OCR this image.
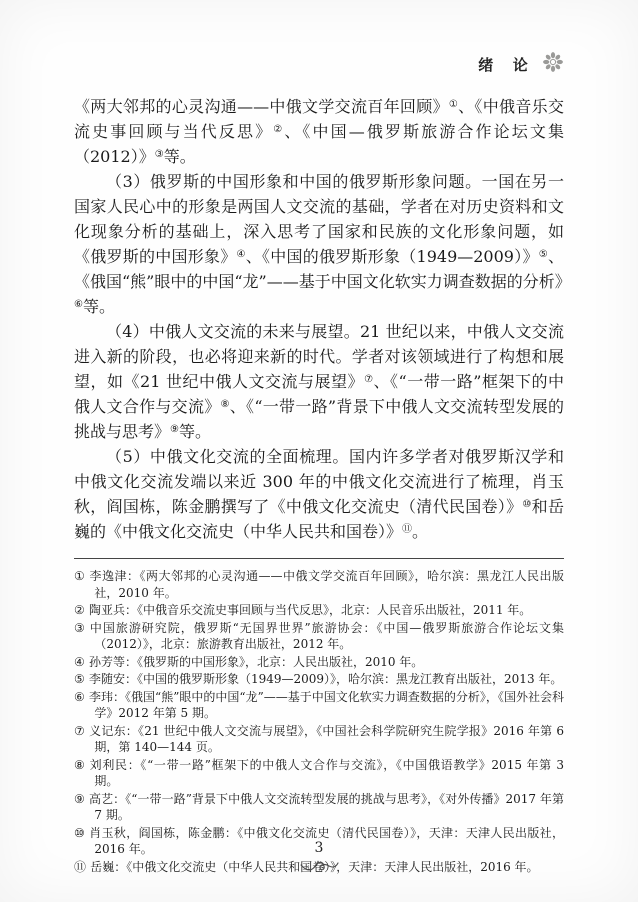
绪　论

《两大邻邦的心灵沟通——中俄文学交流百年回顾》①、《中俄音乐交流史事回顾与当代反思》②、《中国—俄罗斯旅游合作论坛文集（2012）》③等。

（3）俄罗斯的中国形象和中国的俄罗斯形象问题。一国在另一国家人民心中的形象是两国人文交流的基础，学者在对历史资料和文化现象分析的基础上，深入思考了国家和民族的文化形象问题，如《俄罗斯的中国形象》④、《中国的俄罗斯形象（1949—2009）》⑤、《俄国“熊”眼中的中国“龙”——基于中国文化软实力调查数据的分析》⑥等。

（4）中俄人文交流的未来与展望。21 世纪以来，中俄人文交流进入新的阶段，也必将迎来新的时代。学者对该领域进行了构想和展望，如《21 世纪中俄人文交流与展望》⑦、《“一带一路”框架下的中俄人文合作与交流》⑧、《“一带一路”背景下中俄人文交流转型发展的挑战与思考》⑨等。

（5）中俄文化交流的全面梳理。国内许多学者对俄罗斯汉学和中俄文化交流发端以来近 300 年的中俄文化交流进行了梳理，肖玉秋，阎国栋，陈金鹏撰写了《中俄文化交流史（清代民国卷）》⑩和岳巍的《中俄文化交流史（中华人民共和国卷）》⑪。

① 李逸津：《两大邻邦的心灵沟通——中俄文学交流百年回顾》，哈尔滨：黑龙江人民出版社，2010 年。
② 陶亚兵：《中俄音乐交流史事回顾与当代反思》，北京：人民音乐出版社，2011 年。
③ 中国旅游研究院，俄罗斯“无国界世界”旅游协会：《中国—俄罗斯旅游合作论坛文集（2012）》，北京：旅游教育出版社，2012 年。
④ 孙芳等：《俄罗斯的中国形象》，北京：人民出版社，2010 年。
⑤ 李随安：《中国的俄罗斯形象（1949—2009）》，哈尔滨：黑龙江教育出版社，2013 年。
⑥ 李玮：《俄国“熊”眼中的中国“龙”——基于中国文化软实力调查数据的分析》，《国外社会科学》2012 年第 5 期。
⑦ 义记东：《21 世纪中俄人文交流与展望》，《中国社会科学院研究生院学报》2016 年第 6 期，第 140—144 页。
⑧ 刘利民：《“一带一路”框架下的中俄人文合作与交流》，《中国俄语教学》2015 年第 3 期。
⑨ 高艺：《“一带一路”背景下中俄人文交流转型发展的挑战与思考》，《对外传播》2017 年第 7 期。
⑩ 肖玉秋，阎国栋，陈金鹏：《中俄文化交流史（清代民国卷）》，天津：天津人民出版社，2016 年。
⑪ 岳巍：《中俄文化交流史（中华人民共和国卷）》，天津：天津人民出版社，2016 年。
3
